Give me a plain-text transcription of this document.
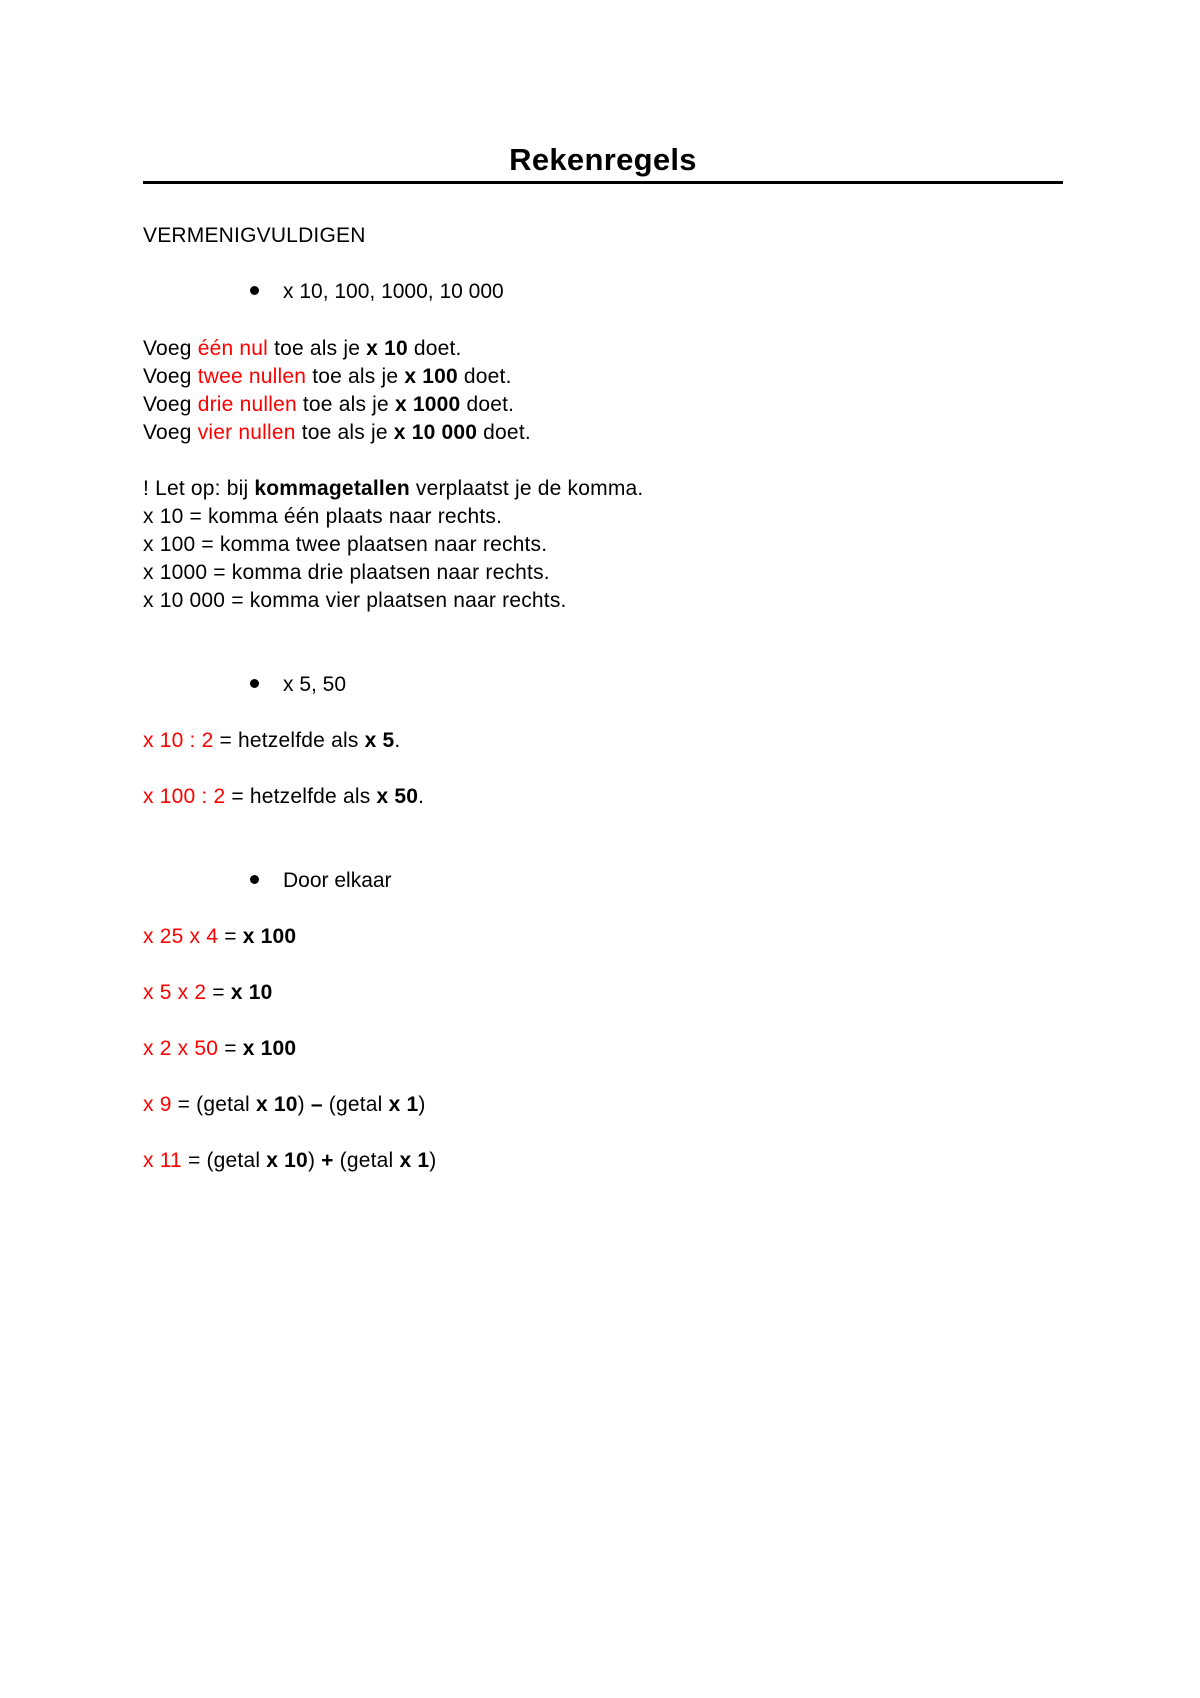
Rekenregels
VERMENIGVULDIGEN
x 10, 100, 1000, 10 000
Voeg één nul toe als je x 10 doet.
Voeg twee nullen toe als je x 100 doet.
Voeg drie nullen toe als je x 1000 doet.
Voeg vier nullen toe als je x 10 000 doet.
! Let op: bij kommagetallen verplaatst je de komma.
x 10 = komma één plaats naar rechts.
x 100 = komma twee plaatsen naar rechts.
x 1000 = komma drie plaatsen naar rechts.
x 10 000 = komma vier plaatsen naar rechts.
x 5, 50
x 10 : 2 = hetzelfde als x 5.
x 100 : 2 = hetzelfde als x 50.
Door elkaar
x 25 x 4 = x 100
x 5 x 2 = x 10
x 2 x 50 = x 100
x 9 = (getal x 10) – (getal x 1)
x 11 = (getal x 10) + (getal x 1)
